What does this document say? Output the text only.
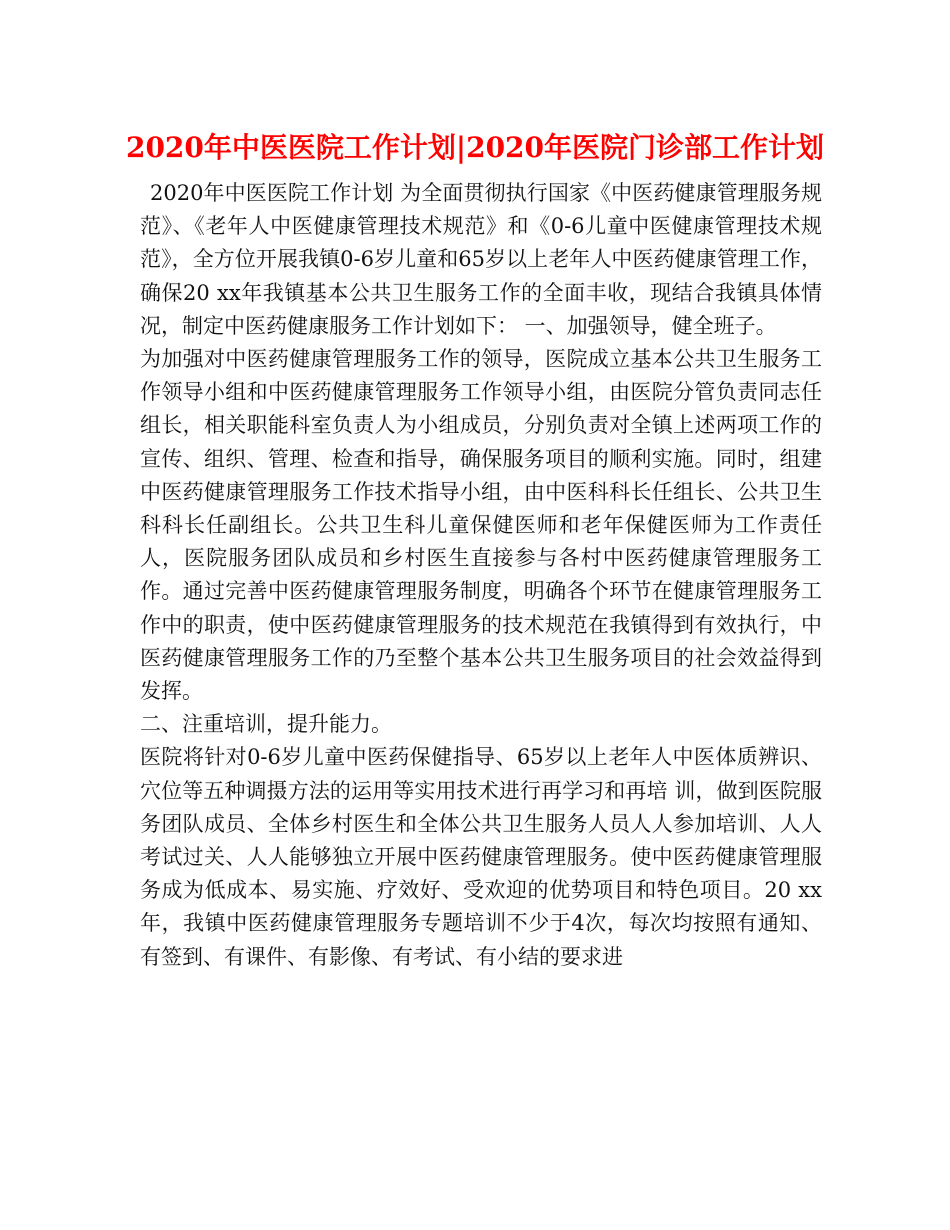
2020年中医医院工作计划|2020年医院门诊部工作计划

2020年中医医院工作计划 为全面贯彻执行国家《中医药健康管理服务规范》、《老年人中医健康管理技术规范》和《0-6儿童中医健康管理技术规范》，全方位开展我镇0-6岁儿童和65岁以上老年人中医药健康管理工作，确保20 xx年我镇基本公共卫生服务工作的全面丰收，现结合我镇具体情况，制定中医药健康服务工作计划如下： 一、加强领导，健全班子。

为加强对中医药健康管理服务工作的领导，医院成立基本公共卫生服务工作领导小组和中医药健康管理服务工作领导小组，由医院分管负责同志任组长，相关职能科室负责人为小组成员，分别负责对全镇上述两项工作的宣传、组织、管理、检查和指导，确保服务项目的顺利实施。同时，组建中医药健康管理服务工作技术指导小组，由中医科科长任组长、公共卫生科科长任副组长。公共卫生科儿童保健医师和老年保健医师为工作责任人，医院服务团队成员和乡村医生直接参与各村中医药健康管理服务工作。通过完善中医药健康管理服务制度，明确各个环节在健康管理服务工作中的职责，使中医药健康管理服务的技术规范在我镇得到有效执行，中医药健康管理服务工作的乃至整个基本公共卫生服务项目的社会效益得到发挥。

二、注重培训，提升能力。

医院将针对0-6岁儿童中医药保健指导、65岁以上老年人中医体质辨识、穴位等五种调摄方法的运用等实用技术进行再学习和再培 训，做到医院服务团队成员、全体乡村医生和全体公共卫生服务人员人人参加培训、人人考试过关、人人能够独立开展中医药健康管理服务。使中医药健康管理服务成为低成本、易实施、疗效好、受欢迎的优势项目和特色项目。20 xx年，我镇中医药健康管理服务专题培训不少于4次，每次均按照有通知、有签到、有课件、有影像、有考试、有小结的要求进
